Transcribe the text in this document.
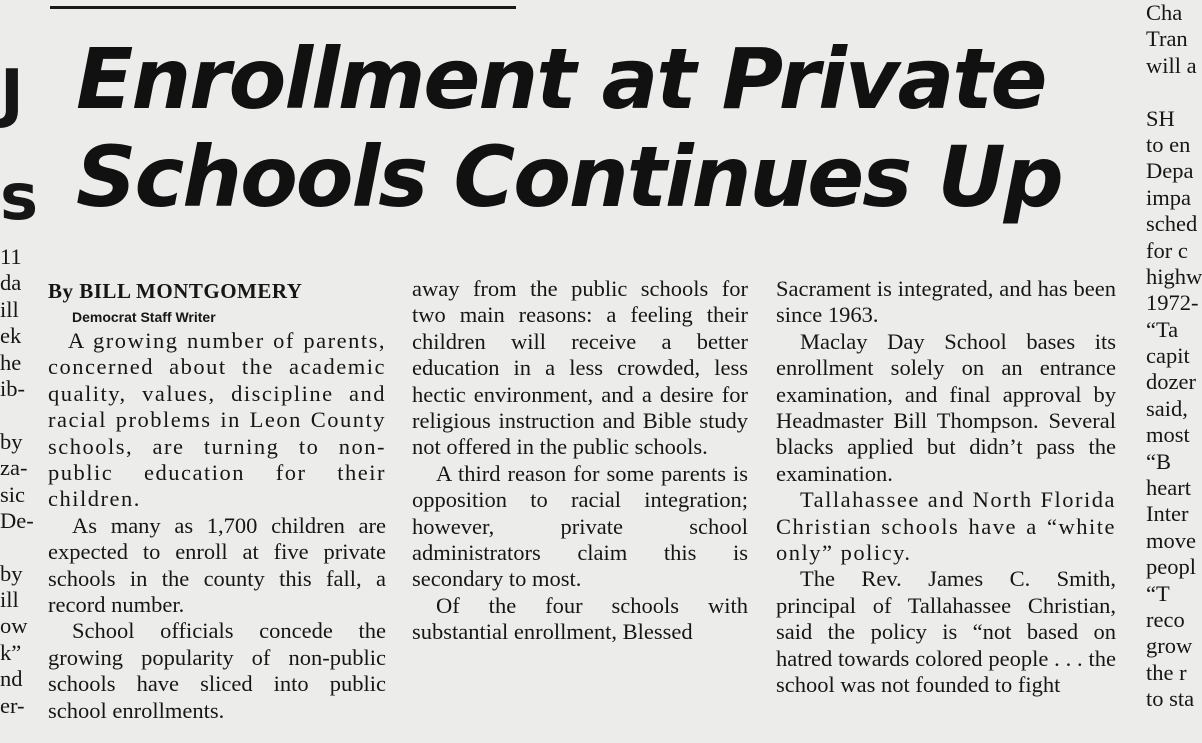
Enrollment at Private Schools Continues Up
J
s
11
da
ill
ek
he
ib-
by
za-
sic
De-
by
ill
ow
k”
nd
er-

By BILL MONTGOMERY

Democrat Staff Writer

A growing number of parents, concerned about the academic quality, values, discipline and racial problems in Leon County schools, are turning to non-public education for their children.

As many as 1,700 children are expected to enroll at five private schools in the county this fall, a record number.

School officials concede the growing popularity of non-public schools have sliced into public school enrollments.

away from the public schools for two main reasons: a feeling their children will receive a better education in a less crowded, less hectic environment, and a desire for religious instruction and Bible study not offered in the public schools.

A third reason for some parents is opposition to racial integration; however, private school administrators claim this is secondary to most.

Of the four schools with substantial enrollment, Blessed

Sacrament is integrated, and has been since 1963.

Maclay Day School bases its enrollment solely on an entrance examination, and final approval by Headmaster Bill Thompson. Several blacks applied but didn’t pass the examination.

Tallahassee and North Florida Christian schools have a “white only” policy.

The Rev. James C. Smith, principal of Tallahassee Christian, said the policy is “not based on hatred towards colored people . . . the school was not founded to fight

Cha
Tran
will a
SH
to en
Depa
impa
sched
for c
highw
1972-
“Ta
capit
dozer
said,
most
“B
heart
Inter
move
peopl
“T
reco
grow
the r
to sta
